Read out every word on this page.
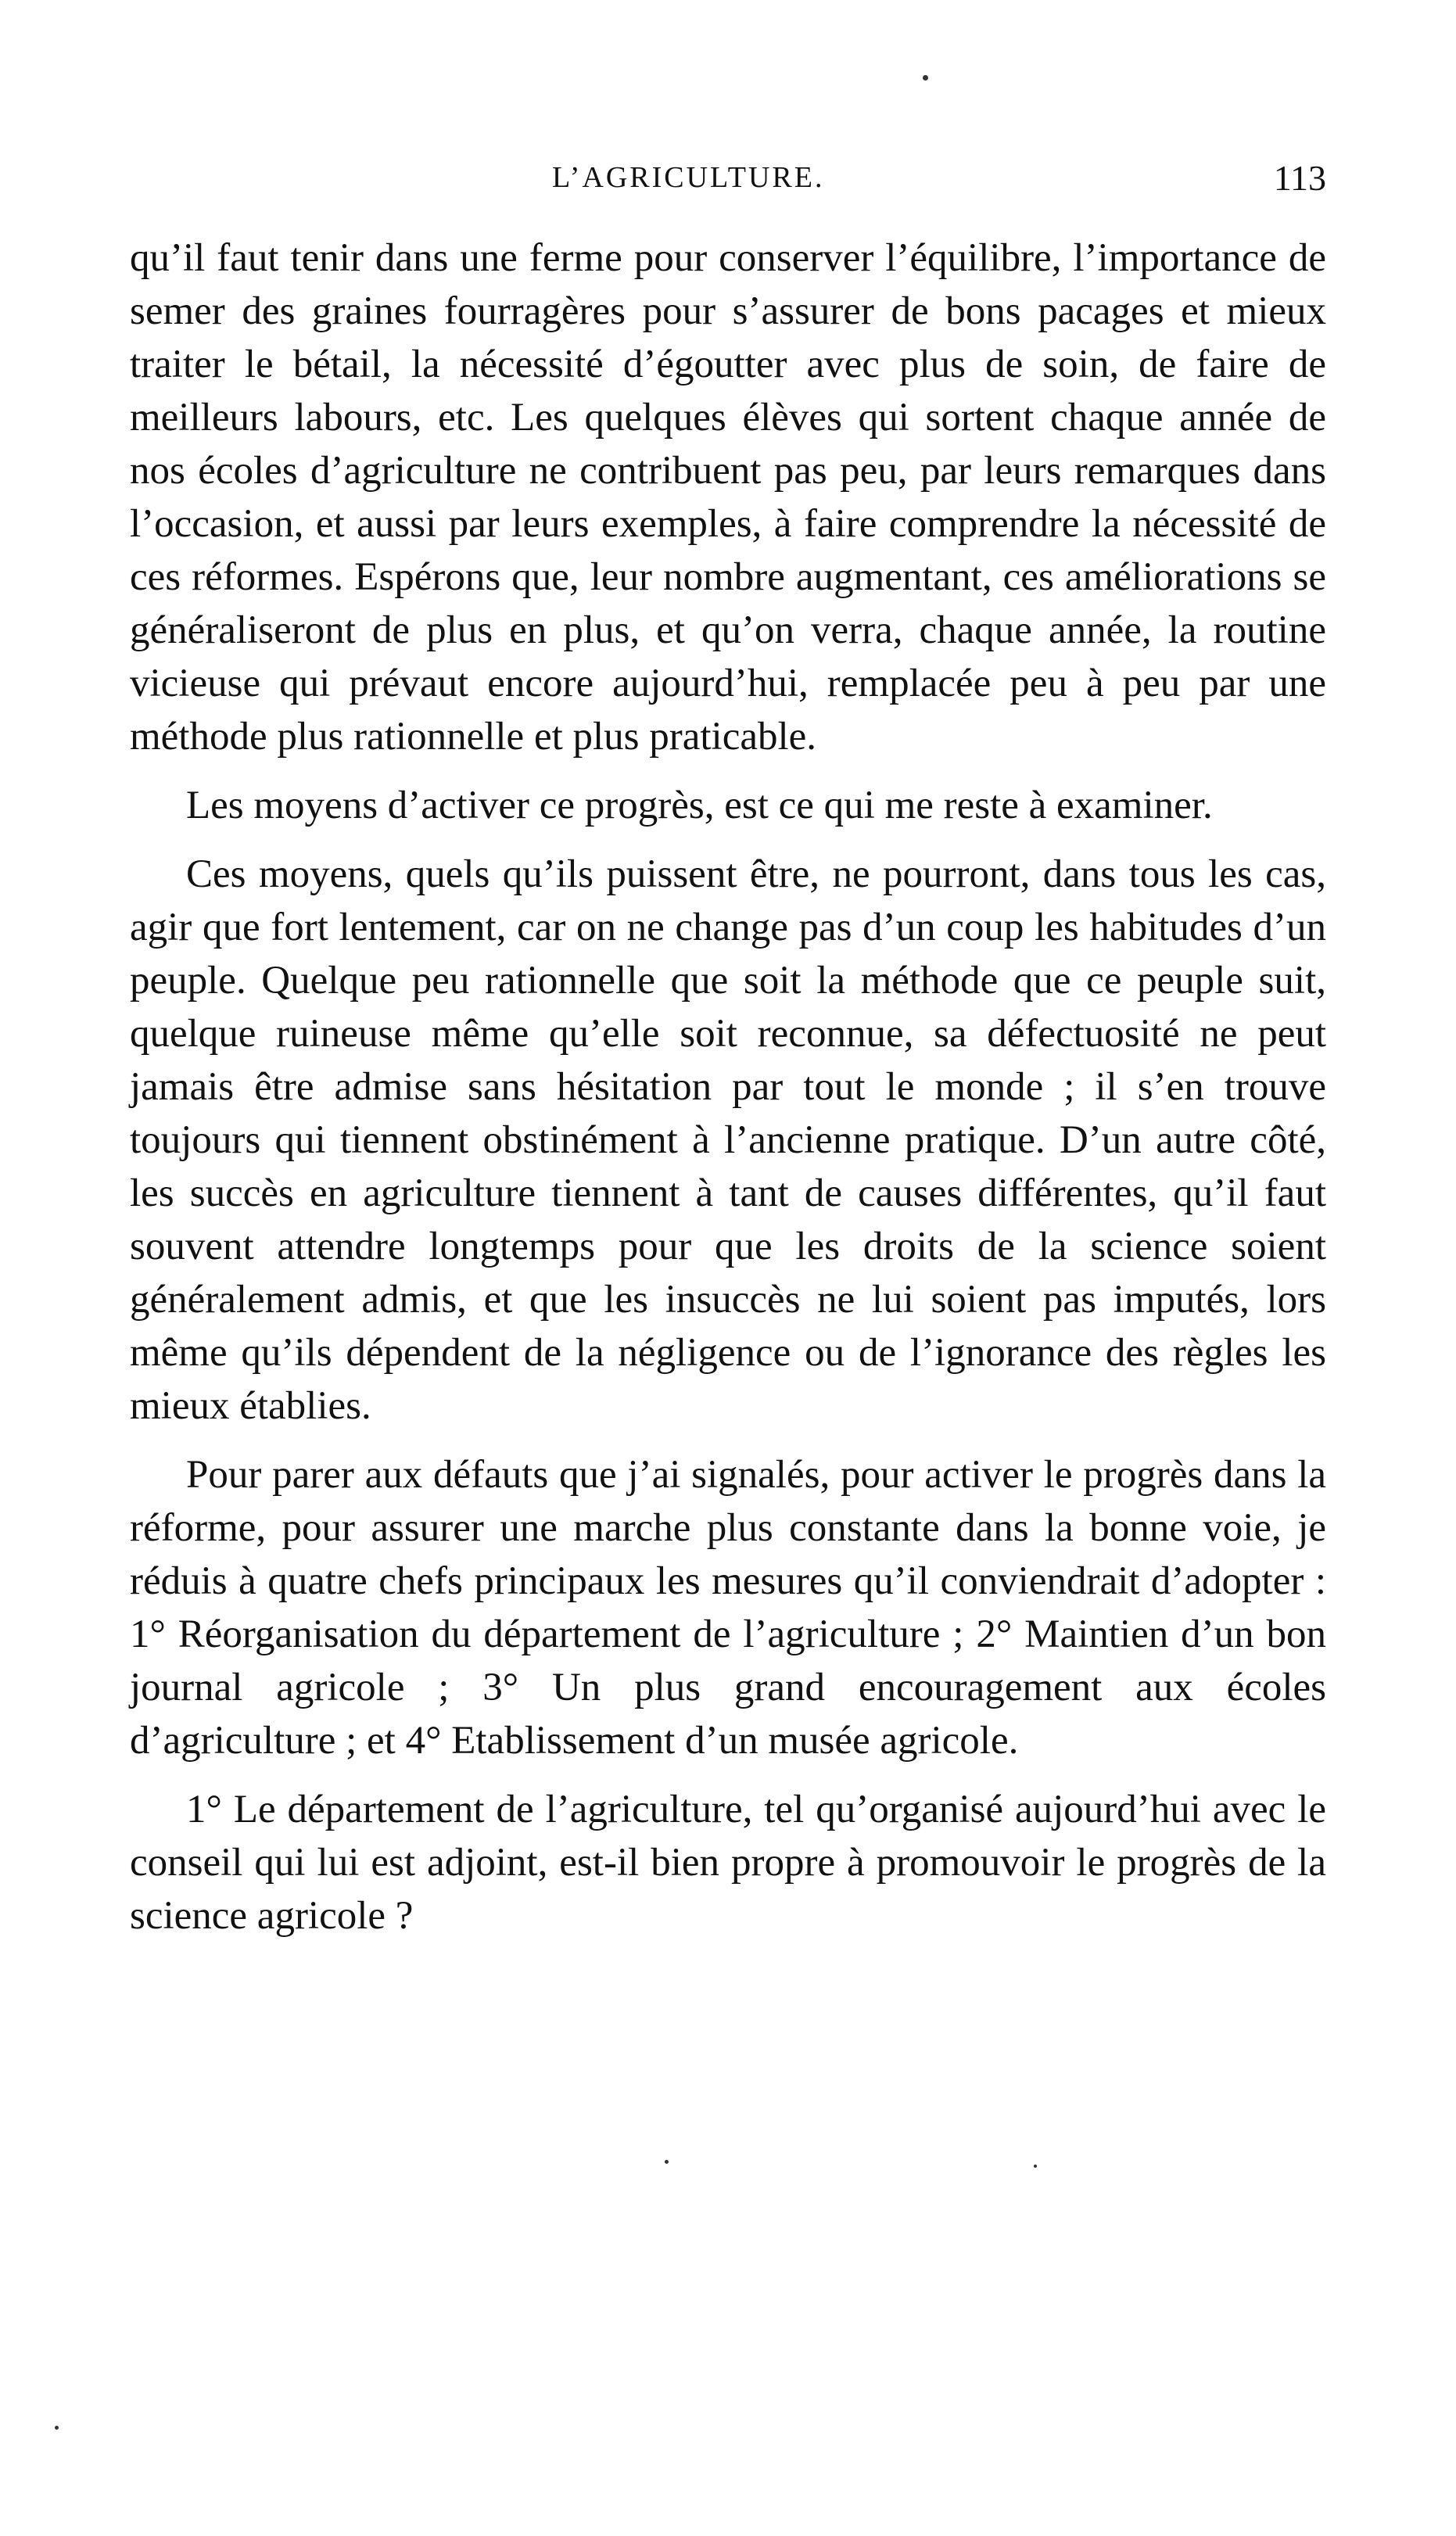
L’AGRICULTURE.	113

qu’il faut tenir dans une ferme pour conserver l’équilibre, l’importance de semer des graines fourragères pour s’assurer de bons pacages et mieux traiter le bétail, la nécessité d’égoutter avec plus de soin, de faire de meilleurs labours, etc. Les quelques élèves qui sortent chaque année de nos écoles d’agriculture ne contribuent pas peu, par leurs remarques dans l’occasion, et aussi par leurs exemples, à faire comprendre la nécessité de ces réformes. Espérons que, leur nombre augmentant, ces améliorations se généraliseront de plus en plus, et qu’on verra, chaque année, la routine vicieuse qui prévaut encore aujourd’hui, remplacée peu à peu par une méthode plus rationnelle et plus praticable.

Les moyens d’activer ce progrès, est ce qui me reste à examiner.

Ces moyens, quels qu’ils puissent être, ne pourront, dans tous les cas, agir que fort lentement, car on ne change pas d’un coup les habitudes d’un peuple. Quelque peu rationnelle que soit la méthode que ce peuple suit, quelque ruineuse même qu’elle soit reconnue, sa défectuosité ne peut jamais être admise sans hésitation par tout le monde ; il s’en trouve toujours qui tiennent obstinément à l’ancienne pratique. D’un autre côté, les succès en agriculture tiennent à tant de causes différentes, qu’il faut souvent attendre longtemps pour que les droits de la science soient généralement admis, et que les insuccès ne lui soient pas imputés, lors même qu’ils dépendent de la négligence ou de l’ignorance des règles les mieux établies.

Pour parer aux défauts que j’ai signalés, pour activer le progrès dans la réforme, pour assurer une marche plus constante dans la bonne voie, je réduis à quatre chefs principaux les mesures qu’il conviendrait d’adopter : 1° Réorganisation du département de l’agriculture ; 2° Maintien d’un bon journal agricole ; 3° Un plus grand encouragement aux écoles d’agriculture ; et 4° Etablissement d’un musée agricole.

1° Le département de l’agriculture, tel qu’organisé aujourd’hui avec le conseil qui lui est adjoint, est-il bien propre à promouvoir le progrès de la science agricole ?
